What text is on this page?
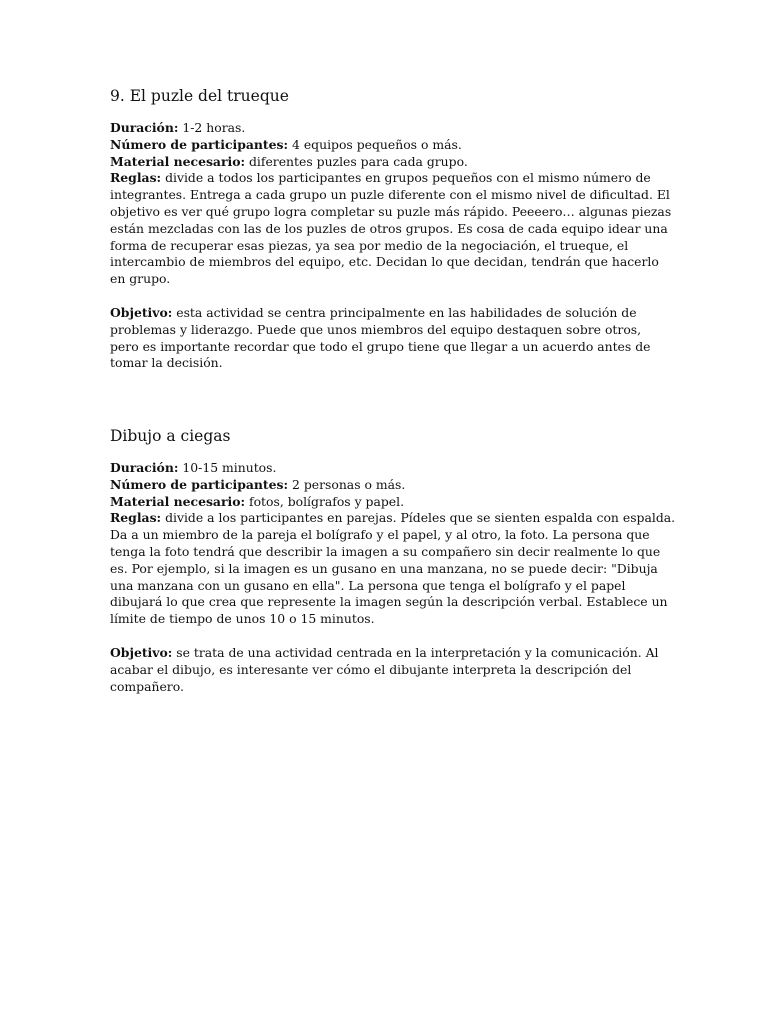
9. El puzle del trueque

Duración: 1-2 horas.

Número de participantes: 4 equipos pequeños o más.

Material necesario: diferentes puzles para cada grupo.

Reglas: divide a todos los participantes en grupos pequeños con el mismo número de

integrantes. Entrega a cada grupo un puzle diferente con el mismo nivel de dificultad. El

objetivo es ver qué grupo logra completar su puzle más rápido. Peeeero… algunas piezas

están mezcladas con las de los puzles de otros grupos. Es cosa de cada equipo idear una

forma de recuperar esas piezas, ya sea por medio de la negociación, el trueque, el

intercambio de miembros del equipo, etc. Decidan lo que decidan, tendrán que hacerlo

en grupo.

Objetivo: esta actividad se centra principalmente en las habilidades de solución de

problemas y liderazgo. Puede que unos miembros del equipo destaquen sobre otros,

pero es importante recordar que todo el grupo tiene que llegar a un acuerdo antes de

tomar la decisión.

Dibujo a ciegas

Duración: 10-15 minutos.

Número de participantes: 2 personas o más.

Material necesario: fotos, bolígrafos y papel.

Reglas: divide a los participantes en parejas. Pídeles que se sienten espalda con espalda.

Da a un miembro de la pareja el bolígrafo y el papel, y al otro, la foto. La persona que

tenga la foto tendrá que describir la imagen a su compañero sin decir realmente lo que

es. Por ejemplo, si la imagen es un gusano en una manzana, no se puede decir: "Dibuja

una manzana con un gusano en ella". La persona que tenga el bolígrafo y el papel

dibujará lo que crea que represente la imagen según la descripción verbal. Establece un

límite de tiempo de unos 10 o 15 minutos.

Objetivo: se trata de una actividad centrada en la interpretación y la comunicación. Al

acabar el dibujo, es interesante ver cómo el dibujante interpreta la descripción del

compañero.
